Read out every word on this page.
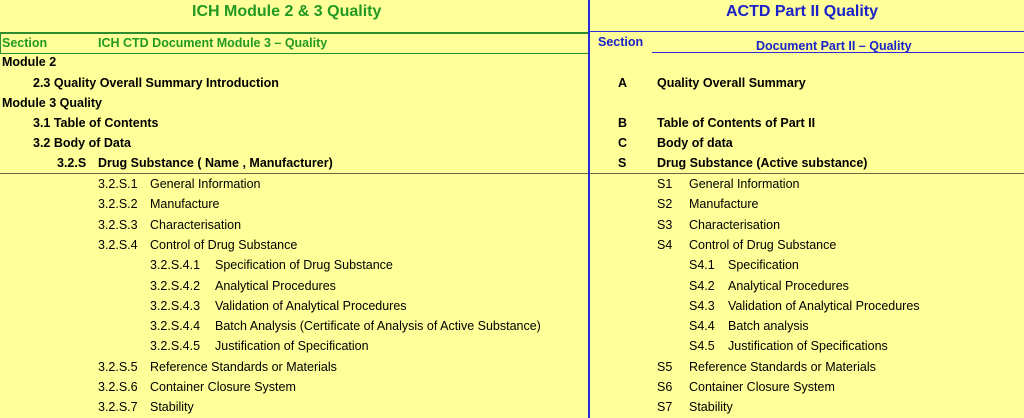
ICH Module 2 & 3 Quality	ACTD Part II Quality
Section	ICH CTD Document Module 3 – Quality	Section	Document Part II – Quality
Module 2
2.3 Quality Overall Summary Introduction	A Quality Overall Summary
Module 3 Quality
3.1 Table of Contents	B Table of Contents of Part II
3.2 Body of Data	C Body of data
3.2.S Drug Substance ( Name , Manufacturer)	S Drug Substance (Active substance)
3.2.S.1 General Information	S1 General Information
3.2.S.2 Manufacture	S2 Manufacture
3.2.S.3 Characterisation	S3 Characterisation
3.2.S.4 Control of Drug Substance	S4 Control of Drug Substance
3.2.S.4.1 Specification of Drug Substance	S4.1 Specification
3.2.S.4.2 Analytical Procedures	S4.2 Analytical Procedures
3.2.S.4.3 Validation of Analytical Procedures	S4.3 Validation of Analytical Procedures
3.2.S.4.4 Batch Analysis (Certificate of Analysis of Active Substance)	S4.4 Batch analysis
3.2.S.4.5 Justification of Specification	S4.5 Justification of Specifications
3.2.S.5 Reference Standards or Materials	S5 Reference Standards or Materials
3.2.S.6 Container Closure System	S6 Container Closure System
3.2.S.7 Stability	S7 Stability
